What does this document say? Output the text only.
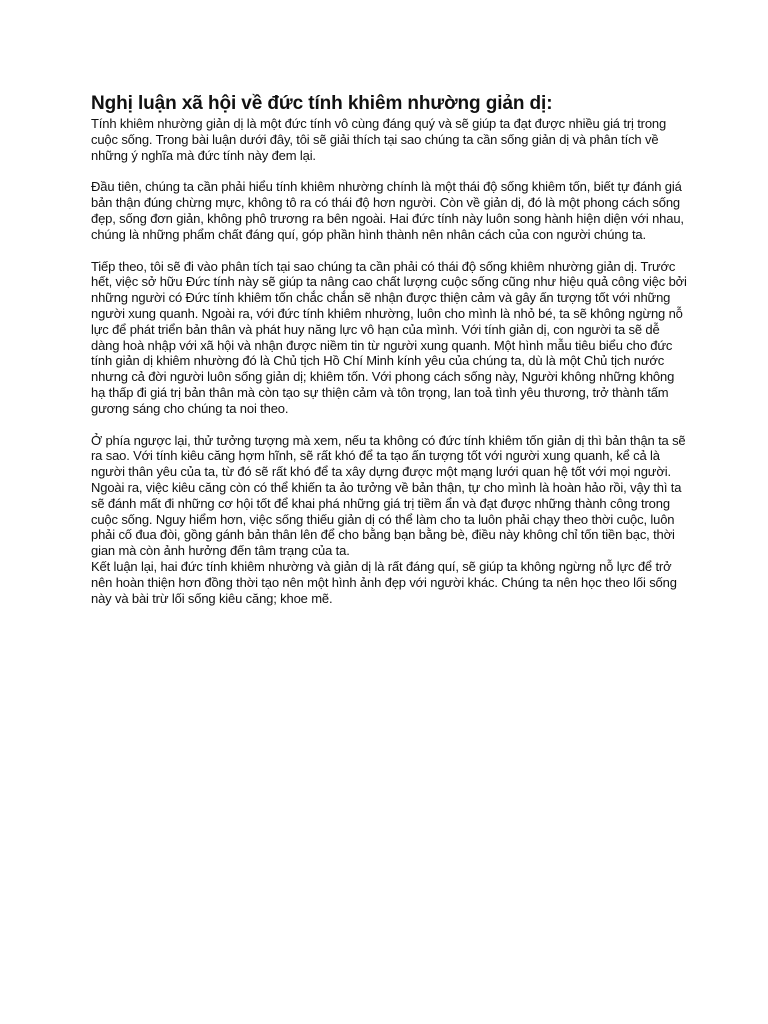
Nghị luận xã hội về đức tính khiêm nhường giản dị:

Tính khiêm nhường giản dị là một đức tính vô cùng đáng quý và sẽ giúp ta đạt được nhiều giá trị trong cuộc sống. Trong bài luận dưới đây, tôi sẽ giải thích tại sao chúng ta cần sống giản dị và phân tích về những ý nghĩa mà đức tính này đem lại.

Đầu tiên, chúng ta cần phải hiểu tính khiêm nhường chính là một thái độ sống khiêm tốn, biết tự đánh giá bản thận đúng chừng mực, không tô ra có thái độ hơn người. Còn về giản dị, đó là một phong cách sống đẹp, sống đơn giản, không phô trương ra bên ngoài. Hai đức tính này luôn song hành hiện diện với nhau, chúng là những phẩm chất đáng quí, góp phần hình thành nên nhân cách của con người chúng ta.

Tiếp theo, tôi sẽ đi vào phân tích tại sao chúng ta cần phải có thái độ sống khiêm nhường giản dị. Trước hết, việc sở hữu Đức tính này sẽ giúp ta nâng cao chất lượng cuộc sống cũng như hiệu quả công việc bởi những người có Đức tính khiêm tốn chắc chắn sẽ nhận được thiện cảm và gây ấn tượng tốt với những người xung quanh. Ngoài ra, với đức tính khiêm nhường, luôn cho mình là nhỏ bé, ta sẽ không ngừng nỗ lực để phát triển bản thân và phát huy năng lực vô hạn của mình. Với tính giản dị, con người ta sẽ dễ dàng hoà nhập với xã hội và nhận được niềm tin từ người xung quanh. Một hình mẫu tiêu biểu cho đức tính giản dị khiêm nhường đó là Chủ tịch Hồ Chí Minh kính yêu của chúng ta, dù là một Chủ tịch nước nhưng cả đời người luôn sống giản dị; khiêm tốn. Với phong cách sống này, Người không những không hạ thấp đi giá trị bản thân mà còn tạo sự thiện cảm và tôn trọng, lan toả tình yêu thương, trở thành tấm gương sáng cho chúng ta noi theo.

Ở phía ngược lại, thử tưởng tượng mà xem, nếu ta không có đức tính khiêm tốn giản dị thì bản thận ta sẽ ra sao. Với tính kiêu căng hợm hĩnh, sẽ rất khó để ta tạo ấn tượng tốt với người xung quanh, kể cả là người thân yêu của ta, từ đó sẽ rất khó để ta xây dựng được một mạng lưới quan hệ tốt với mọi người. Ngoài ra, việc kiêu căng còn có thể khiến ta ảo tưởng về bản thận, tự cho mình là hoàn hảo rồi, vậy thì ta sẽ đánh mất đi những cơ hội tốt để khai phá những giá trị tiềm ẩn và đạt được những thành công trong cuộc sống. Nguy hiểm hơn, việc sống thiếu giản dị có thể làm cho ta luôn phải chạy theo thời cuộc, luôn phải cố đua đòi, gồng gánh bản thân lên để cho bằng bạn bằng bè, điều này không chỉ tốn tiền bạc, thời gian mà còn ảnh hưởng đến tâm trạng của ta.

Kết luận lại, hai đức tính khiêm nhường và giản dị là rất đáng quí, sẽ giúp ta không ngừng nỗ lực để trở nên hoàn thiện hơn đồng thời tạo nên một hình ảnh đẹp với người khác. Chúng ta nên học theo lối sống này và bài trừ lối sống kiêu căng; khoe mẽ.
